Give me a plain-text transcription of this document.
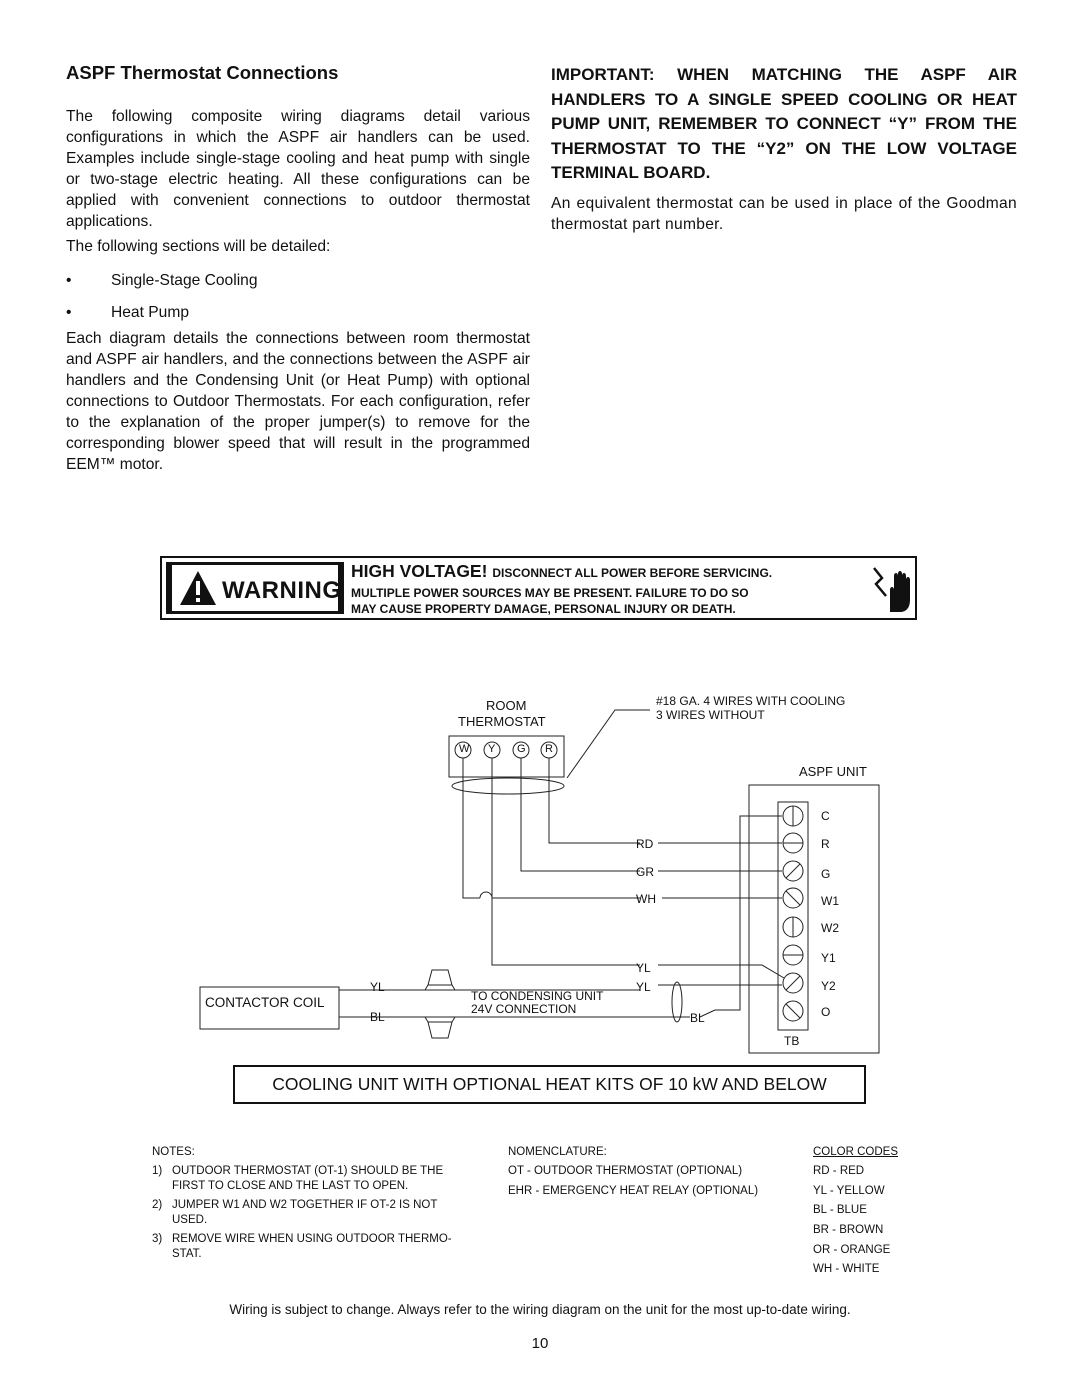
ASPF Thermostat Connections

The following composite wiring diagrams detail various configurations in which the ASPF air handlers can be used. Examples include single-stage cooling and heat pump with single or two-stage electric heating. All these configurations can be applied with convenient connections to outdoor thermostat applications.

The following sections will be detailed:

•	Single-Stage Cooling
•	Heat Pump

Each diagram details the connections between room thermostat and ASPF air handlers, and the connections between the ASPF air handlers and the Condensing Unit (or Heat Pump) with optional connections to Outdoor Thermostats. For each configuration, refer to the explanation of the proper jumper(s) to remove for the corresponding blower speed that will result in the programmed EEM™ motor.

IMPORTANT: WHEN MATCHING THE ASPF AIR HANDLERS TO A SINGLE SPEED COOLING OR HEAT PUMP UNIT, REMEMBER TO CONNECT “Y” FROM THE THERMOSTAT TO THE “Y2” ON THE LOW VOLTAGE TERMINAL BOARD.

An equivalent thermostat can be used in place of the Goodman thermostat part number.

WARNING
HIGH VOLTAGE! DISCONNECT ALL POWER BEFORE SERVICING.
MULTIPLE POWER SOURCES MAY BE PRESENT. FAILURE TO DO SO
MAY CAUSE PROPERTY DAMAGE, PERSONAL INJURY OR DEATH.
ROOM
THERMOSTAT
W Y G R
#18 GA. 4 WIRES WITH COOLING
3 WIRES WITHOUT
ASPF UNIT
C
R
G
W1
W2
Y1
Y2
O
TB
RD
GR
WH
YL
YL
BL
YL
BL
CONTACTOR COIL	TO CONDENSING UNIT
24V CONNECTION
COOLING UNIT WITH OPTIONAL HEAT KITS OF 10 kW AND BELOW
NOTES:
1) OUTDOOR THERMOSTAT (OT-1) SHOULD BE THE
FIRST TO CLOSE AND THE LAST TO OPEN.
2) JUMPER W1 AND W2 TOGETHER IF OT-2 IS NOT
USED.
3) REMOVE WIRE WHEN USING OUTDOOR THERMO-
STAT.
NOMENCLATURE:
OT - OUTDOOR THERMOSTAT (OPTIONAL)
EHR - EMERGENCY HEAT RELAY (OPTIONAL)
COLOR CODES
RD - RED
YL - YELLOW
BL - BLUE
BR - BROWN
OR - ORANGE
WH - WHITE
Wiring is subject to change. Always refer to the wiring diagram on the unit for the most up-to-date wiring.
10
